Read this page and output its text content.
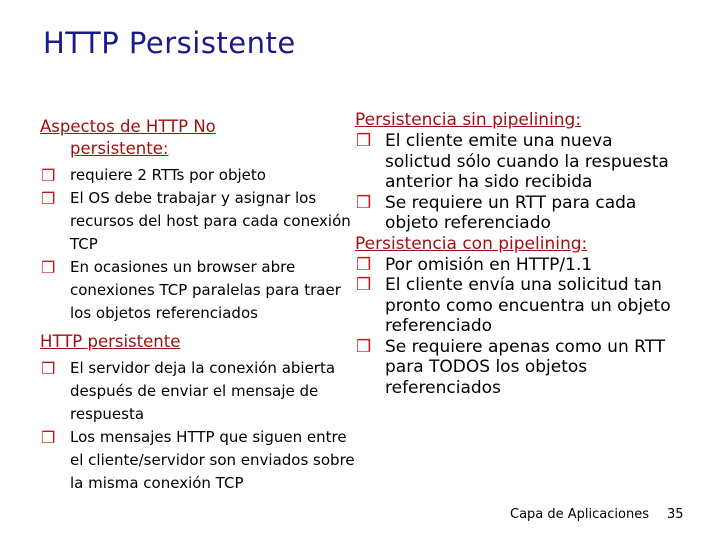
HTTP Persistente
Aspectos de HTTP No
persistente:
❒ requiere 2 RTTs por objeto
❒ El OS debe trabajar y asignar los recursos del host para cada conexión TCP
❒ En ocasiones un browser abre conexiones TCP paralelas para traer los objetos referenciados
HTTP persistente
❒ El servidor deja la conexión abierta después de enviar el mensaje de respuesta
❒ Los mensajes HTTP que siguen entre el cliente/servidor son enviados sobre la misma conexión TCP
Persistencia sin pipelining:
❒ El cliente emite una nueva solictud sólo cuando la respuesta anterior ha sido recibida
❒ Se requiere un RTT para cada objeto referenciado
Persistencia con pipelining:
❒ Por omisión en HTTP/1.1
❒ El cliente envía una solicitud tan pronto como encuentra un objeto referenciado
❒ Se requiere apenas como un RTT para TODOS los objetos referenciados
Capa de Aplicaciones 35
